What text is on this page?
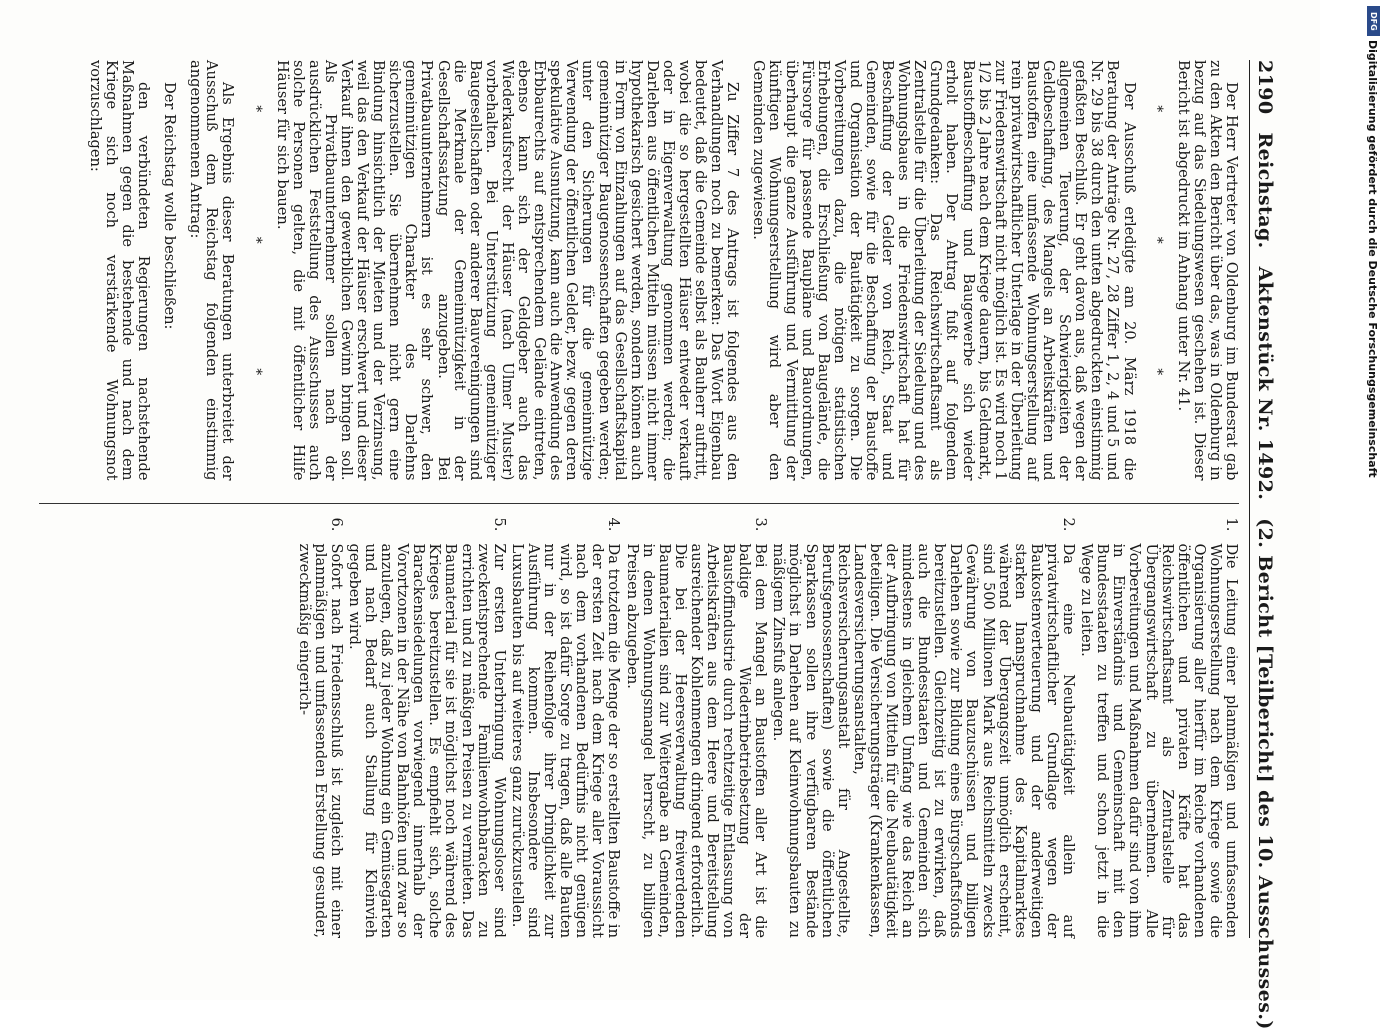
2190
Reichstag.
Aktenstück Nr. 1492.
(2. Bericht [Teilbericht] des 10. Ausschusses.)

Der Herr Vertreter von Oldenburg im Bundesrat gab zu den Akten den Bericht über das, was in Oldenburg in bezug auf das Siedelungswesen geschehen ist. Dieser Bericht ist abgedruckt im Anhang unter Nr. 41.

* * *

Der Ausschuß erledigte am 20. März 1918 die Beratung der Anträge Nr. 27, 28 Ziffer 1, 2, 4 und 5 und Nr. 29 bis 38 durch den unten abgedruckten einstimmig gefaßten Beschluß. Er geht davon aus, daß wegen der allgemeinen Teuerung, der Schwierigkeiten der Geldbeschaffung, des Mangels an Arbeitskräften und Baustoffen eine umfassende Wohnungserstellung auf rein privatwirtschaftlicher Unterlage in der Überleitung zur Friedenswirtschaft nicht möglich ist. Es wird noch 1 1/2 bis 2 Jahre nach dem Kriege dauern, bis Geldmarkt, Baustoffbeschaffung und Baugewerbe sich wieder erholt haben. Der Antrag fußt auf folgendem Grundgedanken: Das Reichswirtschaftsamt als Zentralstelle für die Überleitung der Siedelung und des Wohnungsbaues in die Friedenswirtschaft hat für Beschaffung der Gelder von Reich, Staat und Gemeinden, sowie für die Beschaffung der Baustoffe und Organisation der Bautätigkeit zu sorgen. Die Vorbereitungen dazu, die nötigen statistischen Erhebungen, die Erschließung von Baugelände, die Fürsorge für passende Baupläne und Bauordnungen, überhaupt die ganze Ausführung und Vermittlung der künftigen Wohnungserstellung wird aber den Gemeinden zugewiesen.

Zu Ziffer 7 des Antrags ist folgendes aus den Verhandlungen noch zu bemerken: Das Wort Eigenbau bedeutet, daß die Gemeinde selbst als Bauherr auftritt, wobei die so hergestellten Häuser entweder verkauft oder in Eigenverwaltung genommen werden; die Darlehen aus öffentlichen Mitteln müssen nicht immer hypothekarisch gesichert werden, sondern können auch in Form von Einzahlungen auf das Gesellschaftskapital gemeinnütziger Baugenossenschaften gegeben werden; unter den Sicherungen für die gemeinnützige Verwendung der öffentlichen Gelder, bezw. gegen deren spekulative Ausnutzung, kann auch die Anwendung des Erbbaurechts auf entsprechendem Gelände eintreten, ebenso kann sich der Geldgeber auch das Wiederkaufsrecht der Häuser (nach Ulmer Muster) vorbehalten. Bei Unterstützung gemeinnütziger Baugesellschaften oder anderer Bauvereinigungen sind die Merkmale der Gemeinnützigkeit in der Gesellschaftssatzung anzugeben. Bei Privatbauunternehmern ist es sehr schwer, den gemeinnützigen Charakter des Darlehns sicherzustellen. Sie übernehmen nicht gern eine Bindung hinsichtlich der Mieten und der Verzinsung, weil das den Verkauf der Häuser erschwert und dieser Verkauf ihnen den gewerblichen Gewinn bringen soll. Als Privatbauunternehmer sollen nach der ausdrücklichen Feststellung des Ausschusses auch solche Personen gelten, die mit öffentlicher Hilfe Häuser für sich bauen.

* * *

Als Ergebnis dieser Beratungen unterbreitet der Ausschuß dem Reichstag folgenden einstimmig angenommenen Antrag:

Der Reichstag wolle beschließen:

den verbündeten Regierungen nachstehende Maßnahmen gegen die bestehende und nach dem Kriege sich noch verstärkende Wohnungsnot vorzuschlagen:

1.
Die Leitung einer planmäßigen und umfassenden Wohnungserstellung nach dem Kriege sowie die Organisierung aller hierfür im Reiche vorhandenen öffentlichen und privaten Kräfte hat das Reichswirtschaftsamt als Zentralstelle für Übergangswirtschaft zu übernehmen. Alle Vorbereitungen und Maßnahmen dafür sind von ihm in Einverständnis und Gemeinschaft mit den Bundesstaaten zu treffen und schon jetzt in die Wege zu leiten.
2.
Da eine Neubautätigkeit allein auf privatwirtschaftlicher Grundlage wegen der Baukostenverteuerung und der anderweitigen starken Inanspruchnahme des Kapitalmarktes während der Übergangszeit unmöglich erscheint, sind 500 Millionen Mark aus Reichsmitteln zwecks Gewährung von Bauzuschüssen und billigen Darlehen sowie zur Bildung eines Bürgschaftsfonds bereitzustellen. Gleichzeitig ist zu erwirken, daß auch die Bundesstaaten und Gemeinden sich mindestens in gleichem Umfang wie das Reich an der Aufbringung von Mitteln für die Neubautätigkeit beteiligen. Die Versicherungsträger (Krankenkassen, Landesversicherungsanstalten, Reichsversicherungsanstalt für Angestellte, Berufsgenossenschaften) sowie die öffentlichen Sparkassen sollen ihre verfügbaren Bestände möglichst in Darlehen auf Kleinwohnungsbauten zu mäßigem Zinsfuß anlegen.
3.
Bei dem Mangel an Baustoffen aller Art ist die baldige Wiederinbetriebsetzung der Baustoffindustrie durch rechtzeitige Entlassung von Arbeitskräften aus dem Heere und Bereitstellung ausreichender Kohlenmengen dringend erforderlich. Die bei der Heeresverwaltung freiwerdenden Baumaterialien sind zur Weitergabe an Gemeinden, in denen Wohnungsmangel herrscht, zu billigen Preisen abzugeben.
4.
Da trotzdem die Menge der so erstellten Baustoffe in der ersten Zeit nach dem Kriege aller Voraussicht nach dem vorhandenen Bedürfnis nicht genügen wird, so ist dafür Sorge zu tragen, daß alle Bauten nur in der Reihenfolge ihrer Dringlichkeit zur Ausführung kommen. Insbesondere sind Luxusbauten bis auf weiteres ganz zurückzustellen.
5.
Zur ersten Unterbringung Wohnungsloser sind zweckentsprechende Familienwohnbaracken zu errichten und zu mäßigen Preisen zu vermieten. Das Baumaterial für sie ist möglichst noch während des Krieges bereitzustellen. Es empfiehlt sich, solche Barackensiedelungen vorwiegend innerhalb der Vorortzonen in der Nähe von Bahnhöfen und zwar so anzulegen, daß zu jeder Wohnung ein Gemüsegarten und nach Bedarf auch Stallung für Kleinvieh gegeben wird.
6.
Sofort nach Friedensschluß ist zugleich mit einer planmäßigen und umfassenden Erstellung gesunder, zweckmäßig eingerich-
DFG
Digitalisierung gefördert durch die Deutsche Forschungsgemeinschaft
